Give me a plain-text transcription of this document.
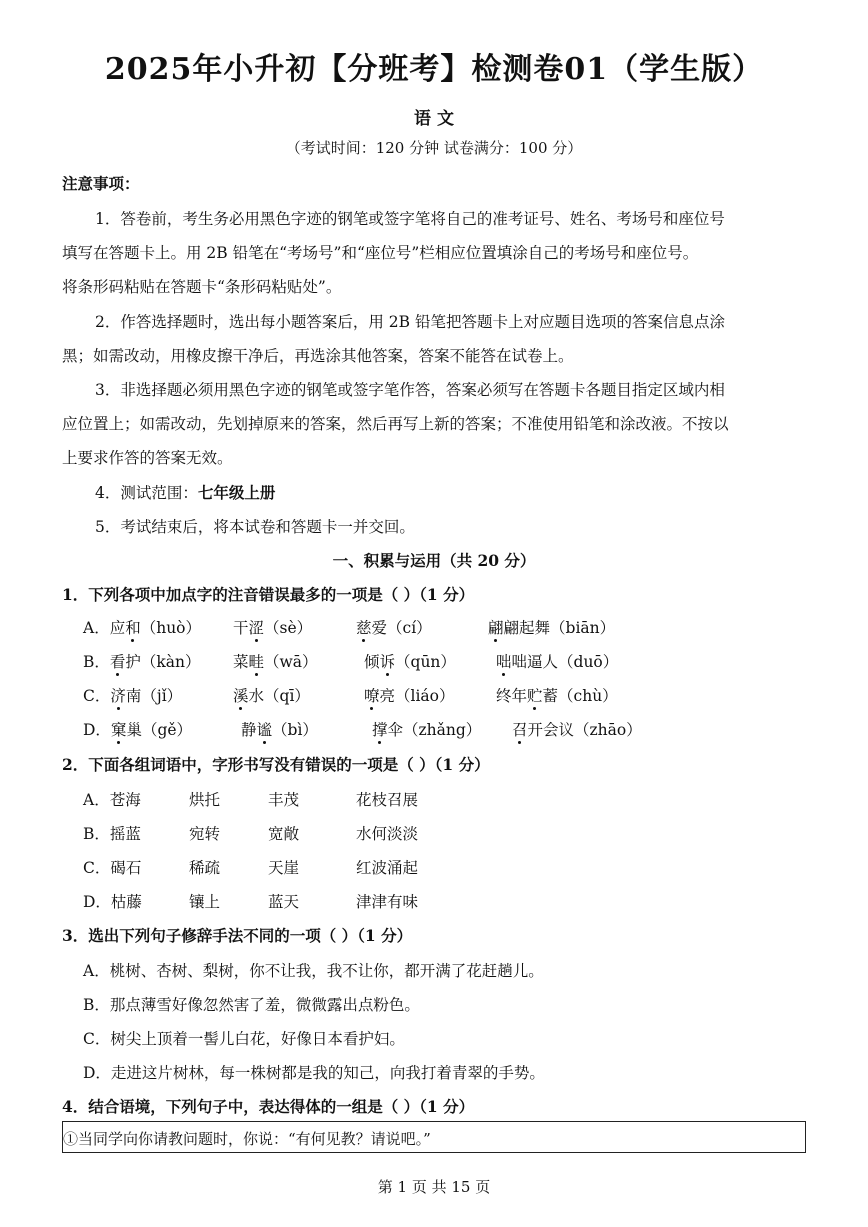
2025年小升初【分班考】检测卷01（学生版）
语 文
（考试时间：120 分钟 试卷满分：100 分）
注意事项：
1．答卷前，考生务必用黑色字迹的钢笔或签字笔将自己的准考证号、姓名、考场号和座位号
填写在答题卡上。用 2B 铅笔在“考场号”和“座位号”栏相应位置填涂自己的考场号和座位号。
将条形码粘贴在答题卡“条形码粘贴处”。
2．作答选择题时，选出每小题答案后，用 2B 铅笔把答题卡上对应题目选项的答案信息点涂
黑；如需改动，用橡皮擦干净后，再选涂其他答案，答案不能答在试卷上。
3．非选择题必须用黑色字迹的钢笔或签字笔作答，答案必须写在答题卡各题目指定区域内相
应位置上；如需改动，先划掉原来的答案，然后再写上新的答案；不准使用铅笔和涂改液。不按以
上要求作答的答案无效。
4．测试范围：七年级上册
5．考试结束后，将本试卷和答题卡一并交回。
一、积累与运用（共 20 分）
1．下列各项中加点字的注音错误最多的一项是（ ）（1 分）
A．应和（huò） 干涩（sè）	慈爱（cí）	翩翩起舞（biān）
B．看护（kàn） 菜畦（wā）	倾诉（qūn）	咄咄逼人（duō）
C．济南（jǐ）	溪水（qī）	嘹亮（liáo）	终年贮蓄（chù）
D．窠巢（gě）	静谧（bì）	撑伞（zhǎng） 召开会议（zhāo）
2．下面各组词语中，字形书写没有错误的一项是（ ）（1 分）
A．苍海	烘托	丰茂	花枝召展
B．摇蓝	宛转	宽敞	水何淡淡
C．碣石	稀疏	天崖	红波涌起
D．枯藤	镶上	蓝天	津津有味
3．选出下列句子修辞手法不同的一项（ ）（1 分）
A．桃树、杏树、梨树，你不让我，我不让你，都开满了花赶趟儿。
B．那点薄雪好像忽然害了羞，微微露出点粉色。
C．树尖上顶着一髻儿白花，好像日本看护妇。
D．走进这片树林，每一株树都是我的知己，向我打着青翠的手势。
4．结合语境，下列句子中，表达得体的一组是（ ）（1 分）
①当同学向你请教问题时，你说：“有何见教？请说吧。”
第 1 页 共 15 页
